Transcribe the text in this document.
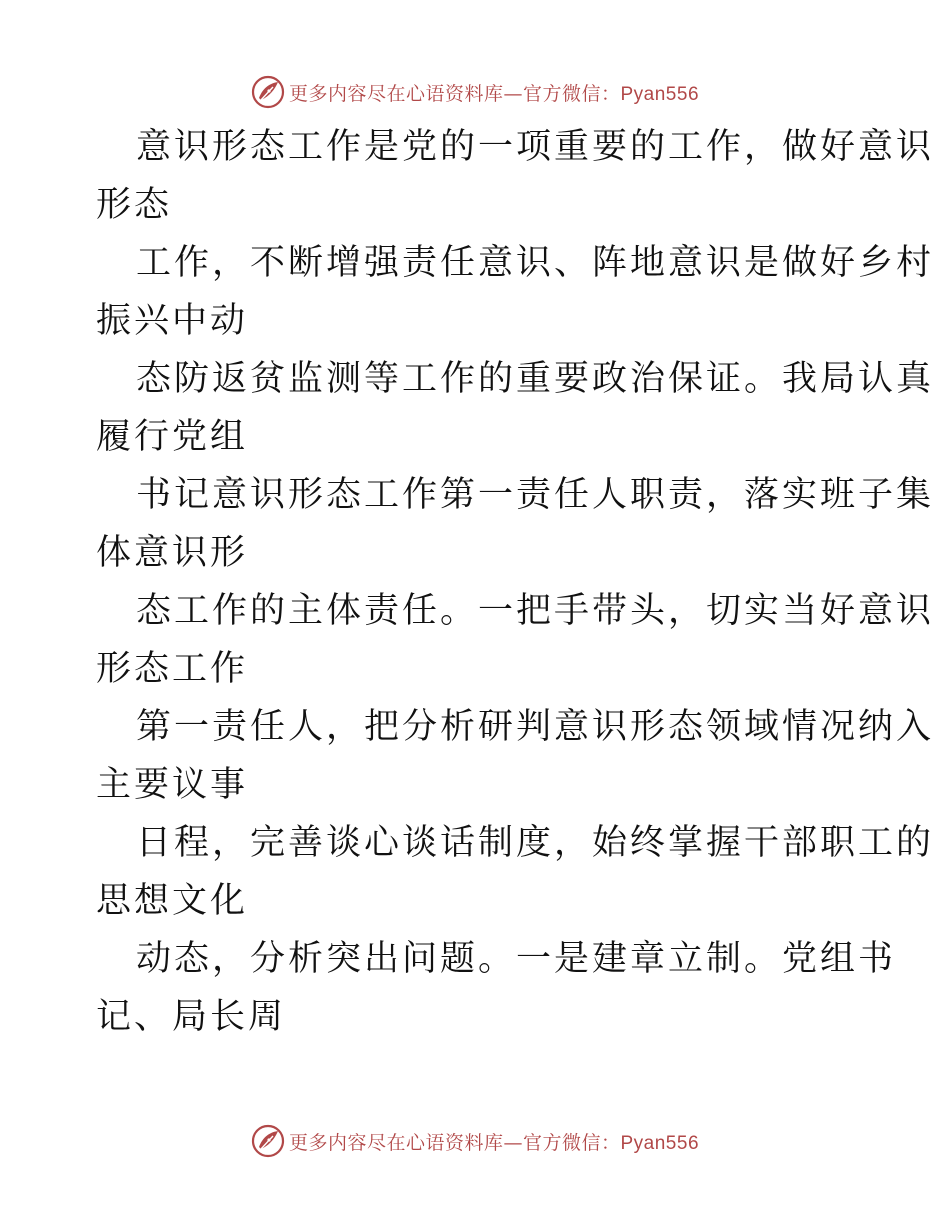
更多内容尽在心语资料库—官方微信：Pyan556

意识形态工作是党的一项重要的工作，做好意识

形态

工作，不断增强责任意识、阵地意识是做好乡村

振兴中动

态防返贫监测等工作的重要政治保证。我局认真

履行党组

书记意识形态工作第一责任人职责，落实班子集

体意识形

态工作的主体责任。一把手带头，切实当好意识

形态工作

第一责任人，把分析研判意识形态领域情况纳入

主要议事

日程，完善谈心谈话制度，始终掌握干部职工的

思想文化

动态，分析突出问题。一是建章立制。党组书

记、局长周

更多内容尽在心语资料库—官方微信：Pyan556
